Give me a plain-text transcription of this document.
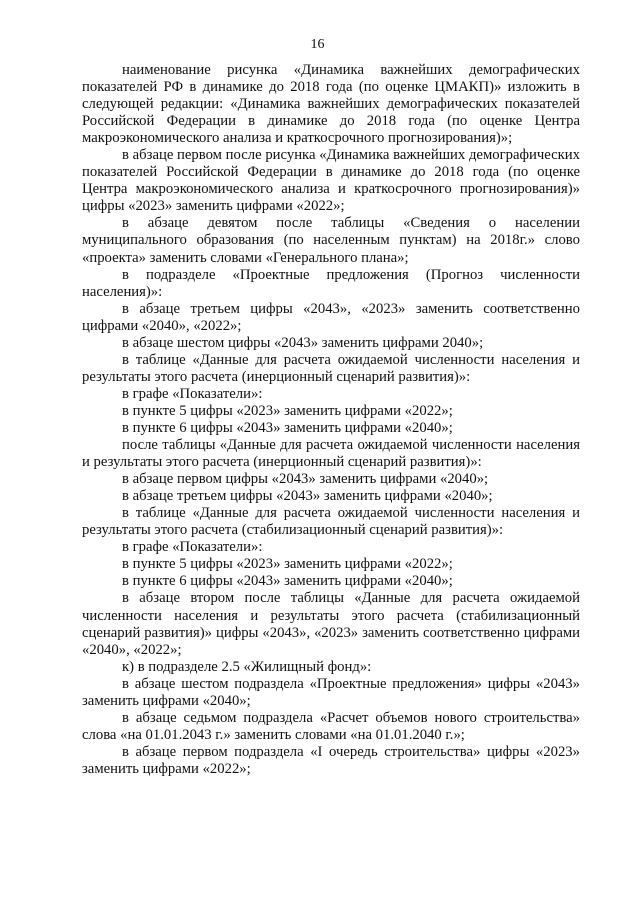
16

наименование рисунка «Динамика важнейших демографических показателей РФ в динамике до 2018 года (по оценке ЦМАКП)» изложить в следующей редакции: «Динамика важнейших демографических показателей Российской Федерации в динамике до 2018 года (по оценке Центра макроэкономического анализа и краткосрочного прогнозирования)»;

в абзаце первом после рисунка «Динамика важнейших демографических показателей Российской Федерации в динамике до 2018 года (по оценке Центра макроэкономического анализа и краткосрочного прогнозирования)» цифры «2023» заменить цифрами «2022»;

в абзаце девятом после таблицы «Сведения о населении муниципального образования (по населенным пунктам) на 2018г.» слово «проекта» заменить словами «Генерального плана»;

в подразделе «Проектные предложения (Прогноз численности населения)»:

в абзаце третьем цифры «2043», «2023» заменить соответственно цифрами «2040», «2022»;

в абзаце шестом цифры «2043» заменить цифрами 2040»;

в таблице «Данные для расчета ожидаемой численности населения и результаты этого расчета (инерционный сценарий развития)»:

в графе «Показатели»:

в пункте 5 цифры «2023» заменить цифрами «2022»;

в пункте 6 цифры «2043» заменить цифрами «2040»;

после таблицы «Данные для расчета ожидаемой численности населения и результаты этого расчета (инерционный сценарий развития)»:

в абзаце первом цифры «2043» заменить цифрами «2040»;

в абзаце третьем цифры «2043» заменить цифрами «2040»;

в таблице «Данные для расчета ожидаемой численности населения и результаты этого расчета (стабилизационный сценарий развития)»:

в графе «Показатели»:

в пункте 5 цифры «2023» заменить цифрами «2022»;

в пункте 6 цифры «2043» заменить цифрами «2040»;

в абзаце втором после таблицы «Данные для расчета ожидаемой численности населения и результаты этого расчета (стабилизационный сценарий развития)» цифры «2043», «2023» заменить соответственно цифрами «2040», «2022»;

к) в подразделе 2.5 «Жилищный фонд»:

в абзаце шестом подраздела «Проектные предложения» цифры «2043» заменить цифрами «2040»;

в абзаце седьмом подраздела «Расчет объемов нового строительства» слова «на 01.01.2043 г.» заменить словами «на 01.01.2040 г.»;

в абзаце первом подраздела «I очередь строительства» цифры «2023» заменить цифрами «2022»;
